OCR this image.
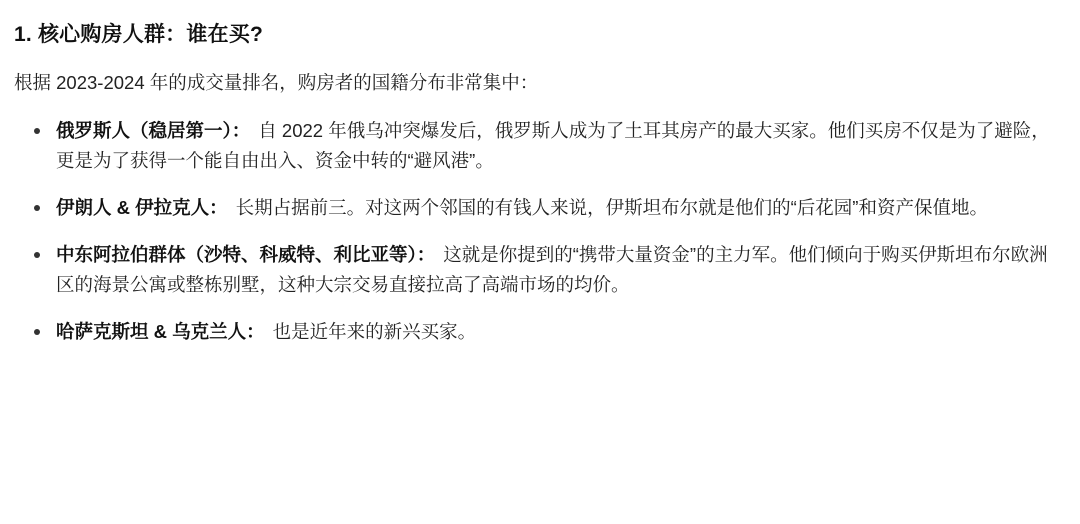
1. 核心购房人群：谁在买?

根据 2023-2024 年的成交量排名，购房者的国籍分布非常集中：

俄罗斯人（稳居第一）： 自 2022 年俄乌冲突爆发后，俄罗斯人成为了土耳其房产的最大买家。他们买房不仅是为了避险，更是为了获得一个能自由出入、资金中转的“避风港”。
伊朗人 & 伊拉克人： 长期占据前三。对这两个邻国的有钱人来说，伊斯坦布尔就是他们的“后花园”和资产保值地。
中东阿拉伯群体（沙特、科威特、利比亚等）： 这就是你提到的“携带大量资金”的主力军。他们倾向于购买伊斯坦布尔欧洲区的海景公寓或整栋别墅，这种大宗交易直接拉高了高端市场的均价。
哈萨克斯坦 & 乌克兰人： 也是近年来的新兴买家。
